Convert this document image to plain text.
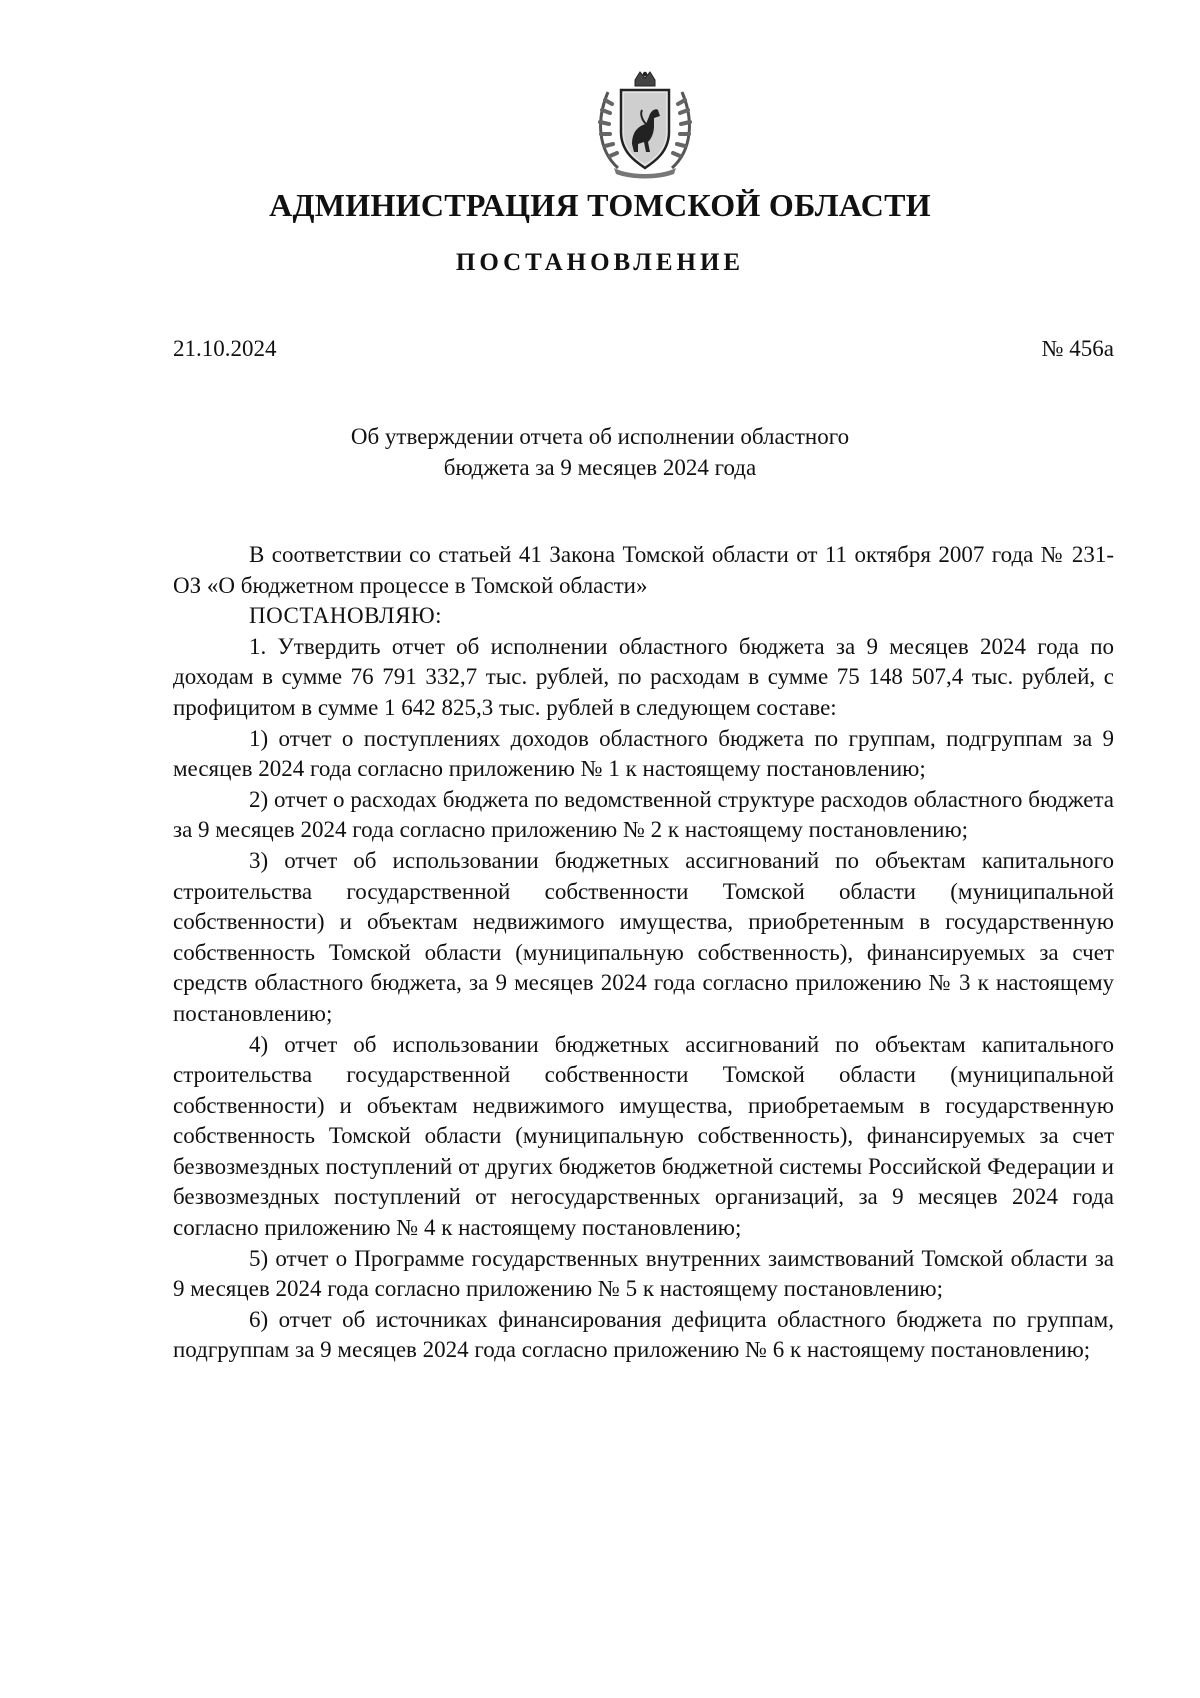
АДМИНИСТРАЦИЯ ТОМСКОЙ ОБЛАСТИ
ПОСТАНОВЛЕНИЕ
21.10.2024	№ 456а
Об утверждении отчета об исполнении областного
бюджета за 9 месяцев 2024 года

В соответствии со статьей 41 Закона Томской области от 11 октября 2007 года № 231-ОЗ «О бюджетном процессе в Томской области»

ПОСТАНОВЛЯЮ:

1. Утвердить отчет об исполнении областного бюджета за 9 месяцев 2024 года по доходам в сумме 76 791 332,7 тыс. рублей, по расходам в сумме 75 148 507,4 тыс. рублей, с профицитом в сумме 1 642 825,3 тыс. рублей в следующем составе:

1) отчет о поступлениях доходов областного бюджета по группам, подгруппам за 9 месяцев 2024 года согласно приложению № 1 к настоящему постановлению;

2) отчет о расходах бюджета по ведомственной структуре расходов областного бюджета за 9 месяцев 2024 года согласно приложению № 2 к настоящему постановлению;

3) отчет об использовании бюджетных ассигнований по объектам капитального строительства государственной собственности Томской области (муниципальной собственности) и объектам недвижимого имущества, приобретенным в государственную собственность Томской области (муниципальную собственность), финансируемых за счет средств областного бюджета, за 9 месяцев 2024 года согласно приложению № 3 к настоящему постановлению;

4) отчет об использовании бюджетных ассигнований по объектам капитального строительства государственной собственности Томской области (муниципальной собственности) и объектам недвижимого имущества, приобретаемым в государственную собственность Томской области (муниципальную собственность), финансируемых за счет безвозмездных поступлений от других бюджетов бюджетной системы Российской Федерации и безвозмездных поступлений от негосударственных организаций, за 9 месяцев 2024 года согласно приложению № 4 к настоящему постановлению;

5) отчет о Программе государственных внутренних заимствований Томской области за 9 месяцев 2024 года согласно приложению № 5 к настоящему постановлению;

6) отчет об источниках финансирования дефицита областного бюджета по группам, подгруппам за 9 месяцев 2024 года согласно приложению № 6 к настоящему постановлению;
